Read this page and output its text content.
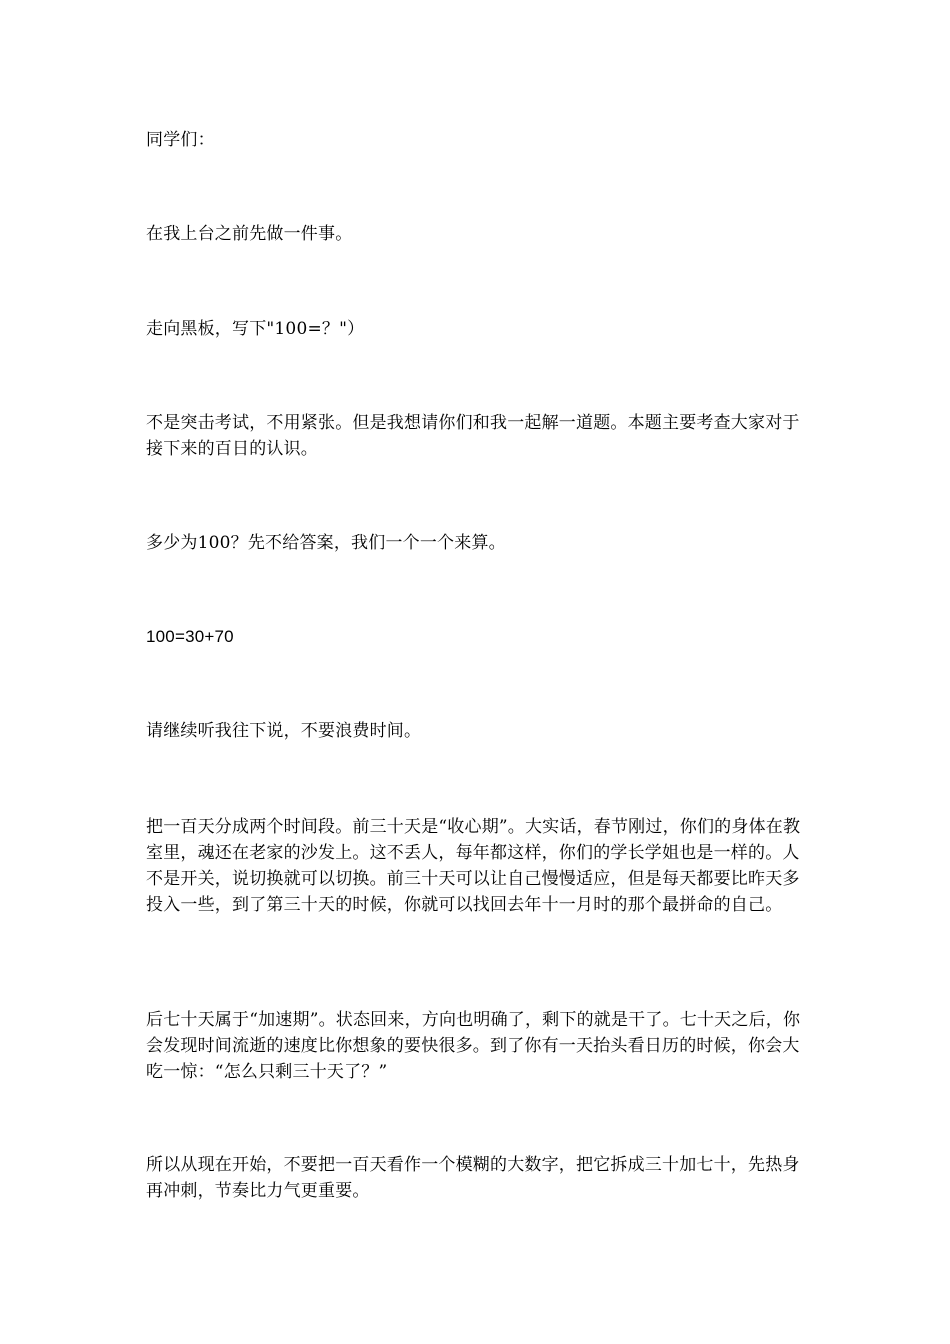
同学们：

在我上台之前先做一件事。

走向黑板，写下"100=？"）

不是突击考试，不用紧张。但是我想请你们和我一起解一道题。本题主要考查大家对于接下来的百日的认识。

多少为100？先不给答案，我们一个一个来算。

100=30+70

请继续听我往下说，不要浪费时间。

把一百天分成两个时间段。前三十天是“收心期”。大实话，春节刚过，你们的身体在教室里，魂还在老家的沙发上。这不丢人，每年都这样，你们的学长学姐也是一样的。人不是开关，说切换就可以切换。前三十天可以让自己慢慢适应，但是每天都要比昨天多投入一些，到了第三十天的时候，你就可以找回去年十一月时的那个最拼命的自己。

后七十天属于“加速期”。状态回来，方向也明确了，剩下的就是干了。七十天之后，你会发现时间流逝的速度比你想象的要快很多。到了你有一天抬头看日历的时候，你会大吃一惊：“怎么只剩三十天了？”

所以从现在开始，不要把一百天看作一个模糊的大数字，把它拆成三十加七十，先热身再冲刺，节奏比力气更重要。
